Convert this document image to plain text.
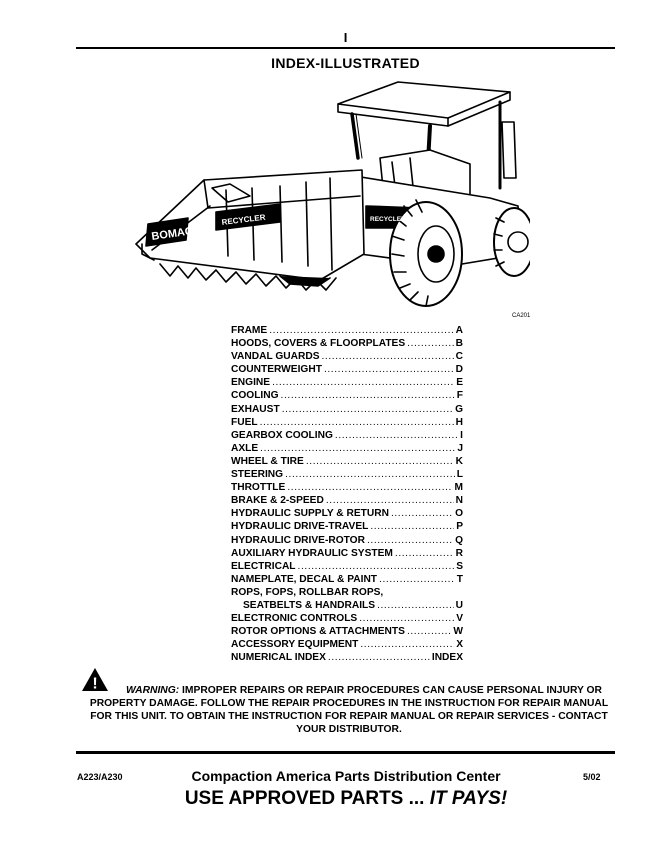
I
INDEX-ILLUSTRATED
BOMAG
RECYCLER	RECYCLER
CA201
FRAME .....	A
HOODS, COVERS & FLOORPLATES .....	B
VANDAL GUARDS .....	C
COUNTERWEIGHT .....	D
ENGINE .....	E
COOLING .....	F
EXHAUST .....	G
FUEL .....	H
GEARBOX COOLING .....	I
AXLE .....	J
WHEEL & TIRE .....	K
STEERING .....	L
THROTTLE .....	M
BRAKE & 2-SPEED .....	N
HYDRAULIC SUPPLY & RETURN .....	O
HYDRAULIC DRIVE-TRAVEL .....	P
HYDRAULIC DRIVE-ROTOR .....	Q
AUXILIARY HYDRAULIC SYSTEM .....	R
ELECTRICAL .....	S
NAMEPLATE, DECAL & PAINT .....	T
ROPS, FOPS, ROLLBAR ROPS,
SEATBELTS & HANDRAILS .....	U
ELECTRONIC CONTROLS .....	V
ROTOR OPTIONS & ATTACHMENTS .....	W
ACCESSORY EQUIPMENT .....	X
NUMERICAL INDEX .....	INDEX
!	WARNING: IMPROPER REPAIRS OR REPAIR PROCEDURES CAN CAUSE PERSONAL INJURY OR PROPERTY DAMAGE. FOLLOW THE REPAIR PROCEDURES IN THE INSTRUCTION FOR REPAIR MANUAL FOR THIS UNIT. TO OBTAIN THE INSTRUCTION FOR REPAIR MANUAL OR REPAIR SERVICES - CONTACT YOUR DISTRIBUTOR.
A223/A230	Compaction America Parts Distribution Center	5/02
USE APPROVED PARTS ... IT PAYS!
